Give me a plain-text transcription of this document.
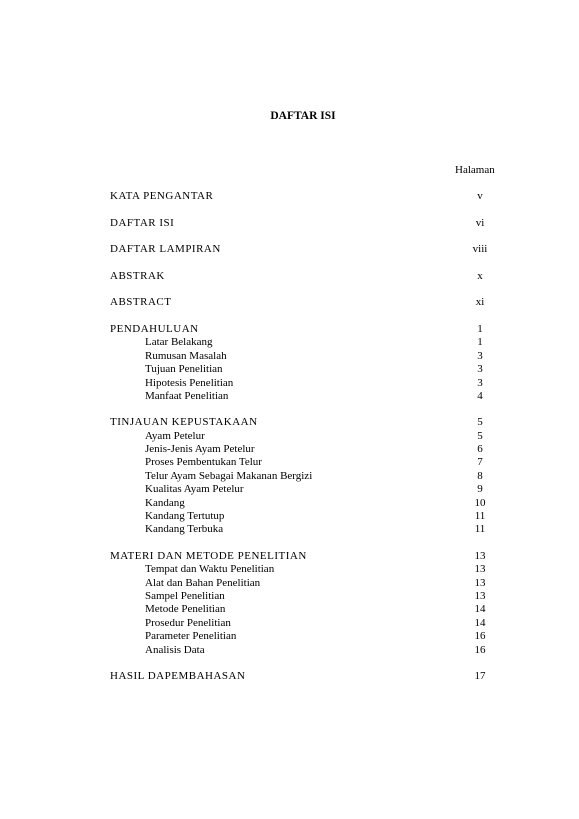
DAFTAR ISI
Halaman
KATA PENGANTAR	v
DAFTAR ISI	vi
DAFTAR LAMPIRAN	viii
ABSTRAK	x
ABSTRACT	xi
PENDAHULUAN	1
Latar Belakang	1
Rumusan Masalah	3
Tujuan Penelitian	3
Hipotesis Penelitian	3
Manfaat Penelitian	4
TINJAUAN KEPUSTAKAAN	5
Ayam Petelur	5
Jenis-Jenis Ayam Petelur	6
Proses Pembentukan Telur	7
Telur Ayam Sebagai Makanan Bergizi	8
Kualitas Ayam Petelur	9
Kandang	10
Kandang Tertutup	11
Kandang Terbuka	11
MATERI DAN METODE PENELITIAN	13
Tempat dan Waktu Penelitian	13
Alat dan Bahan Penelitian	13
Sampel Penelitian	13
Metode Penelitian	14
Prosedur Penelitian	14
Parameter Penelitian	16
Analisis Data	16
HASIL DAPEMBAHASAN	17
